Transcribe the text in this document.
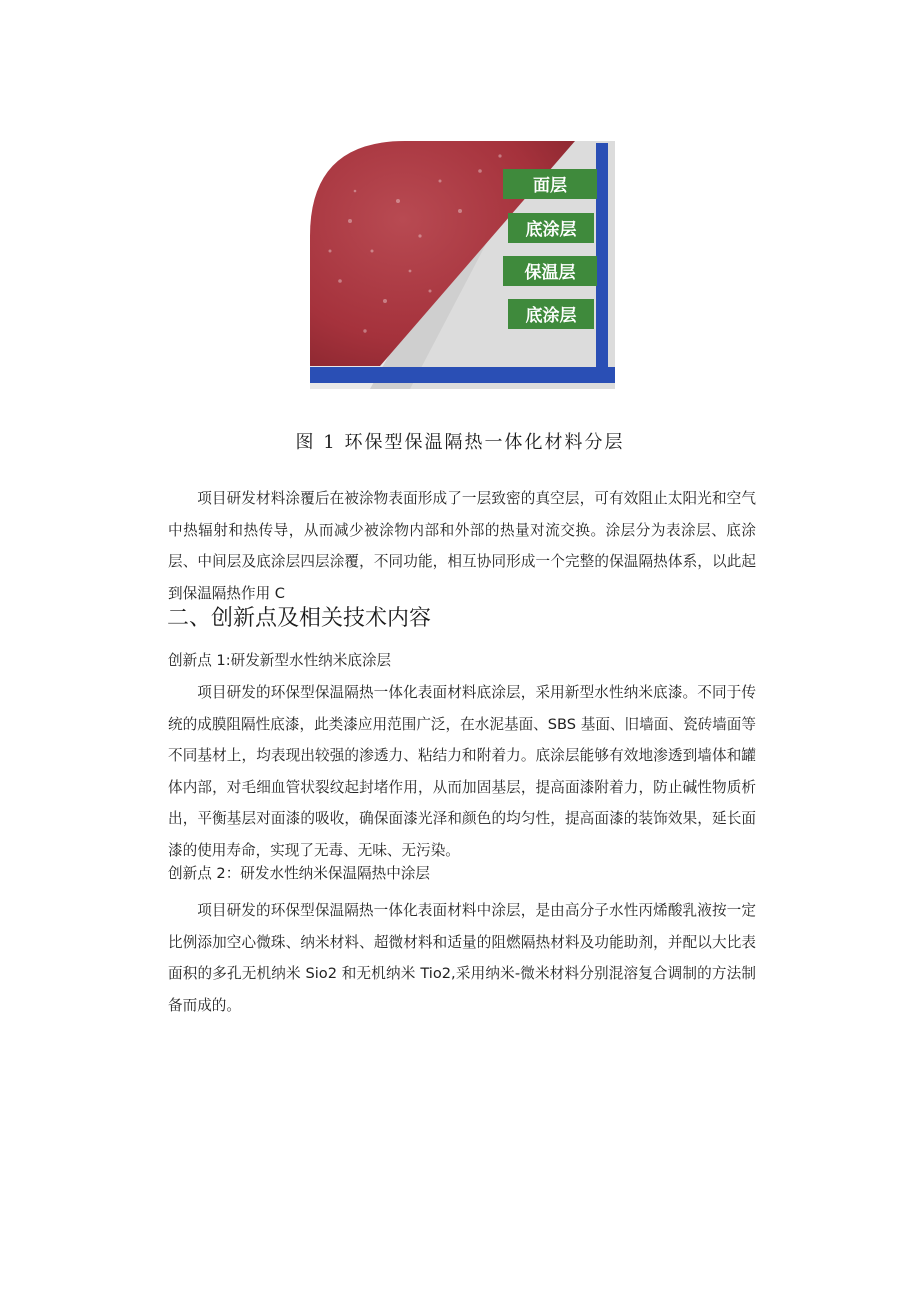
面层
底涂层
保温层
底涂层
图 1 环保型保温隔热一体化材料分层
项目研发材料涂覆后在被涂物表面形成了一层致密的真空层，可有效阻止太阳光和空气中热辐射和热传导，从而减少被涂物内部和外部的热量对流交换。涂层分为表涂层、底涂层、中间层及底涂层四层涂覆，不同功能，相互协同形成一个完整的保温隔热体系，以此起到保温隔热作用 C
二、创新点及相关技术内容
创新点 1:研发新型水性纳米底涂层
项目研发的环保型保温隔热一体化表面材料底涂层，采用新型水性纳米底漆。不同于传统的成膜阻隔性底漆，此类漆应用范围广泛，在水泥基面、SBS 基面、旧墙面、瓷砖墙面等不同基材上，均表现出较强的渗透力、粘结力和附着力。底涂层能够有效地渗透到墙体和罐体内部，对毛细血管状裂纹起封堵作用，从而加固基层，提高面漆附着力，防止碱性物质析出，平衡基层对面漆的吸收，确保面漆光泽和颜色的均匀性，提高面漆的装饰效果，延长面漆的使用寿命，实现了无毒、无味、无污染。
创新点 2：研发水性纳米保温隔热中涂层
项目研发的环保型保温隔热一体化表面材料中涂层，是由高分子水性丙烯酸乳液按一定比例添加空心微珠、纳米材料、超微材料和适量的阻燃隔热材料及功能助剂，并配以大比表面积的多孔无机纳米 Sio2 和无机纳米 Tio2,采用纳米-微米材料分别混溶复合调制的方法制备而成的。
